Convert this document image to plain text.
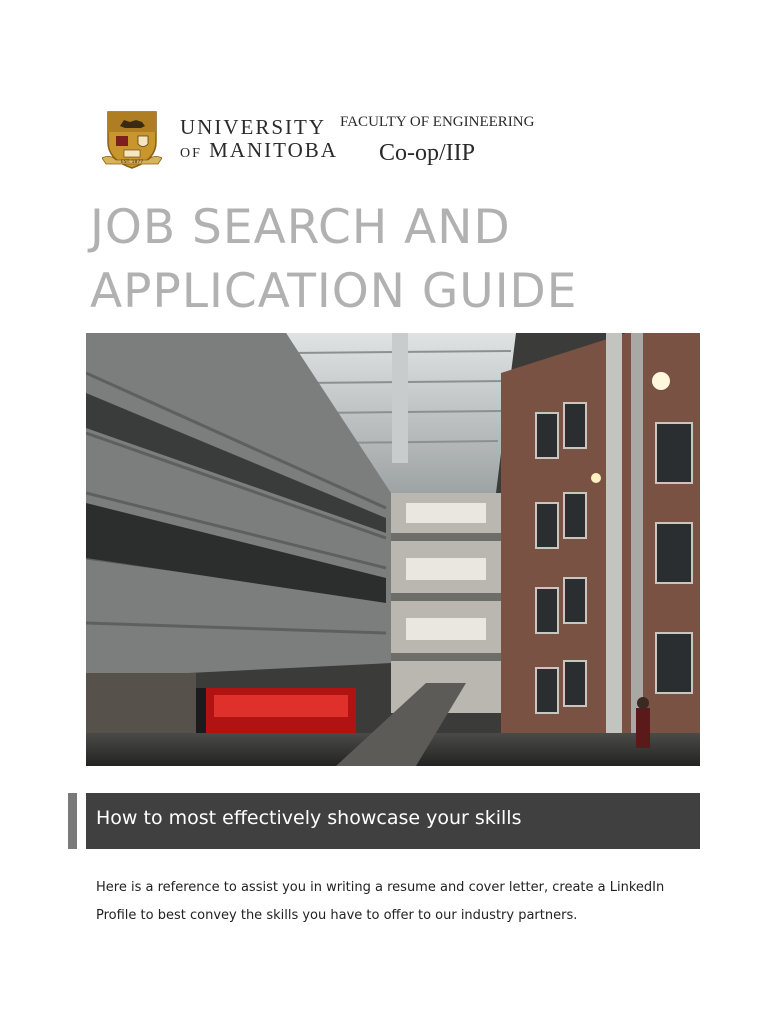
EST. 1877
UNIVERSITY
OF MANITOBA
FACULTY OF ENGINEERING
Co-op/IIP
JOB SEARCH AND
APPLICATION GUIDE
How to most effectively showcase your skills

Here is a reference to assist you in writing a resume and cover letter, create a LinkedIn
Profile to best convey the skills you have to offer to our industry partners.
